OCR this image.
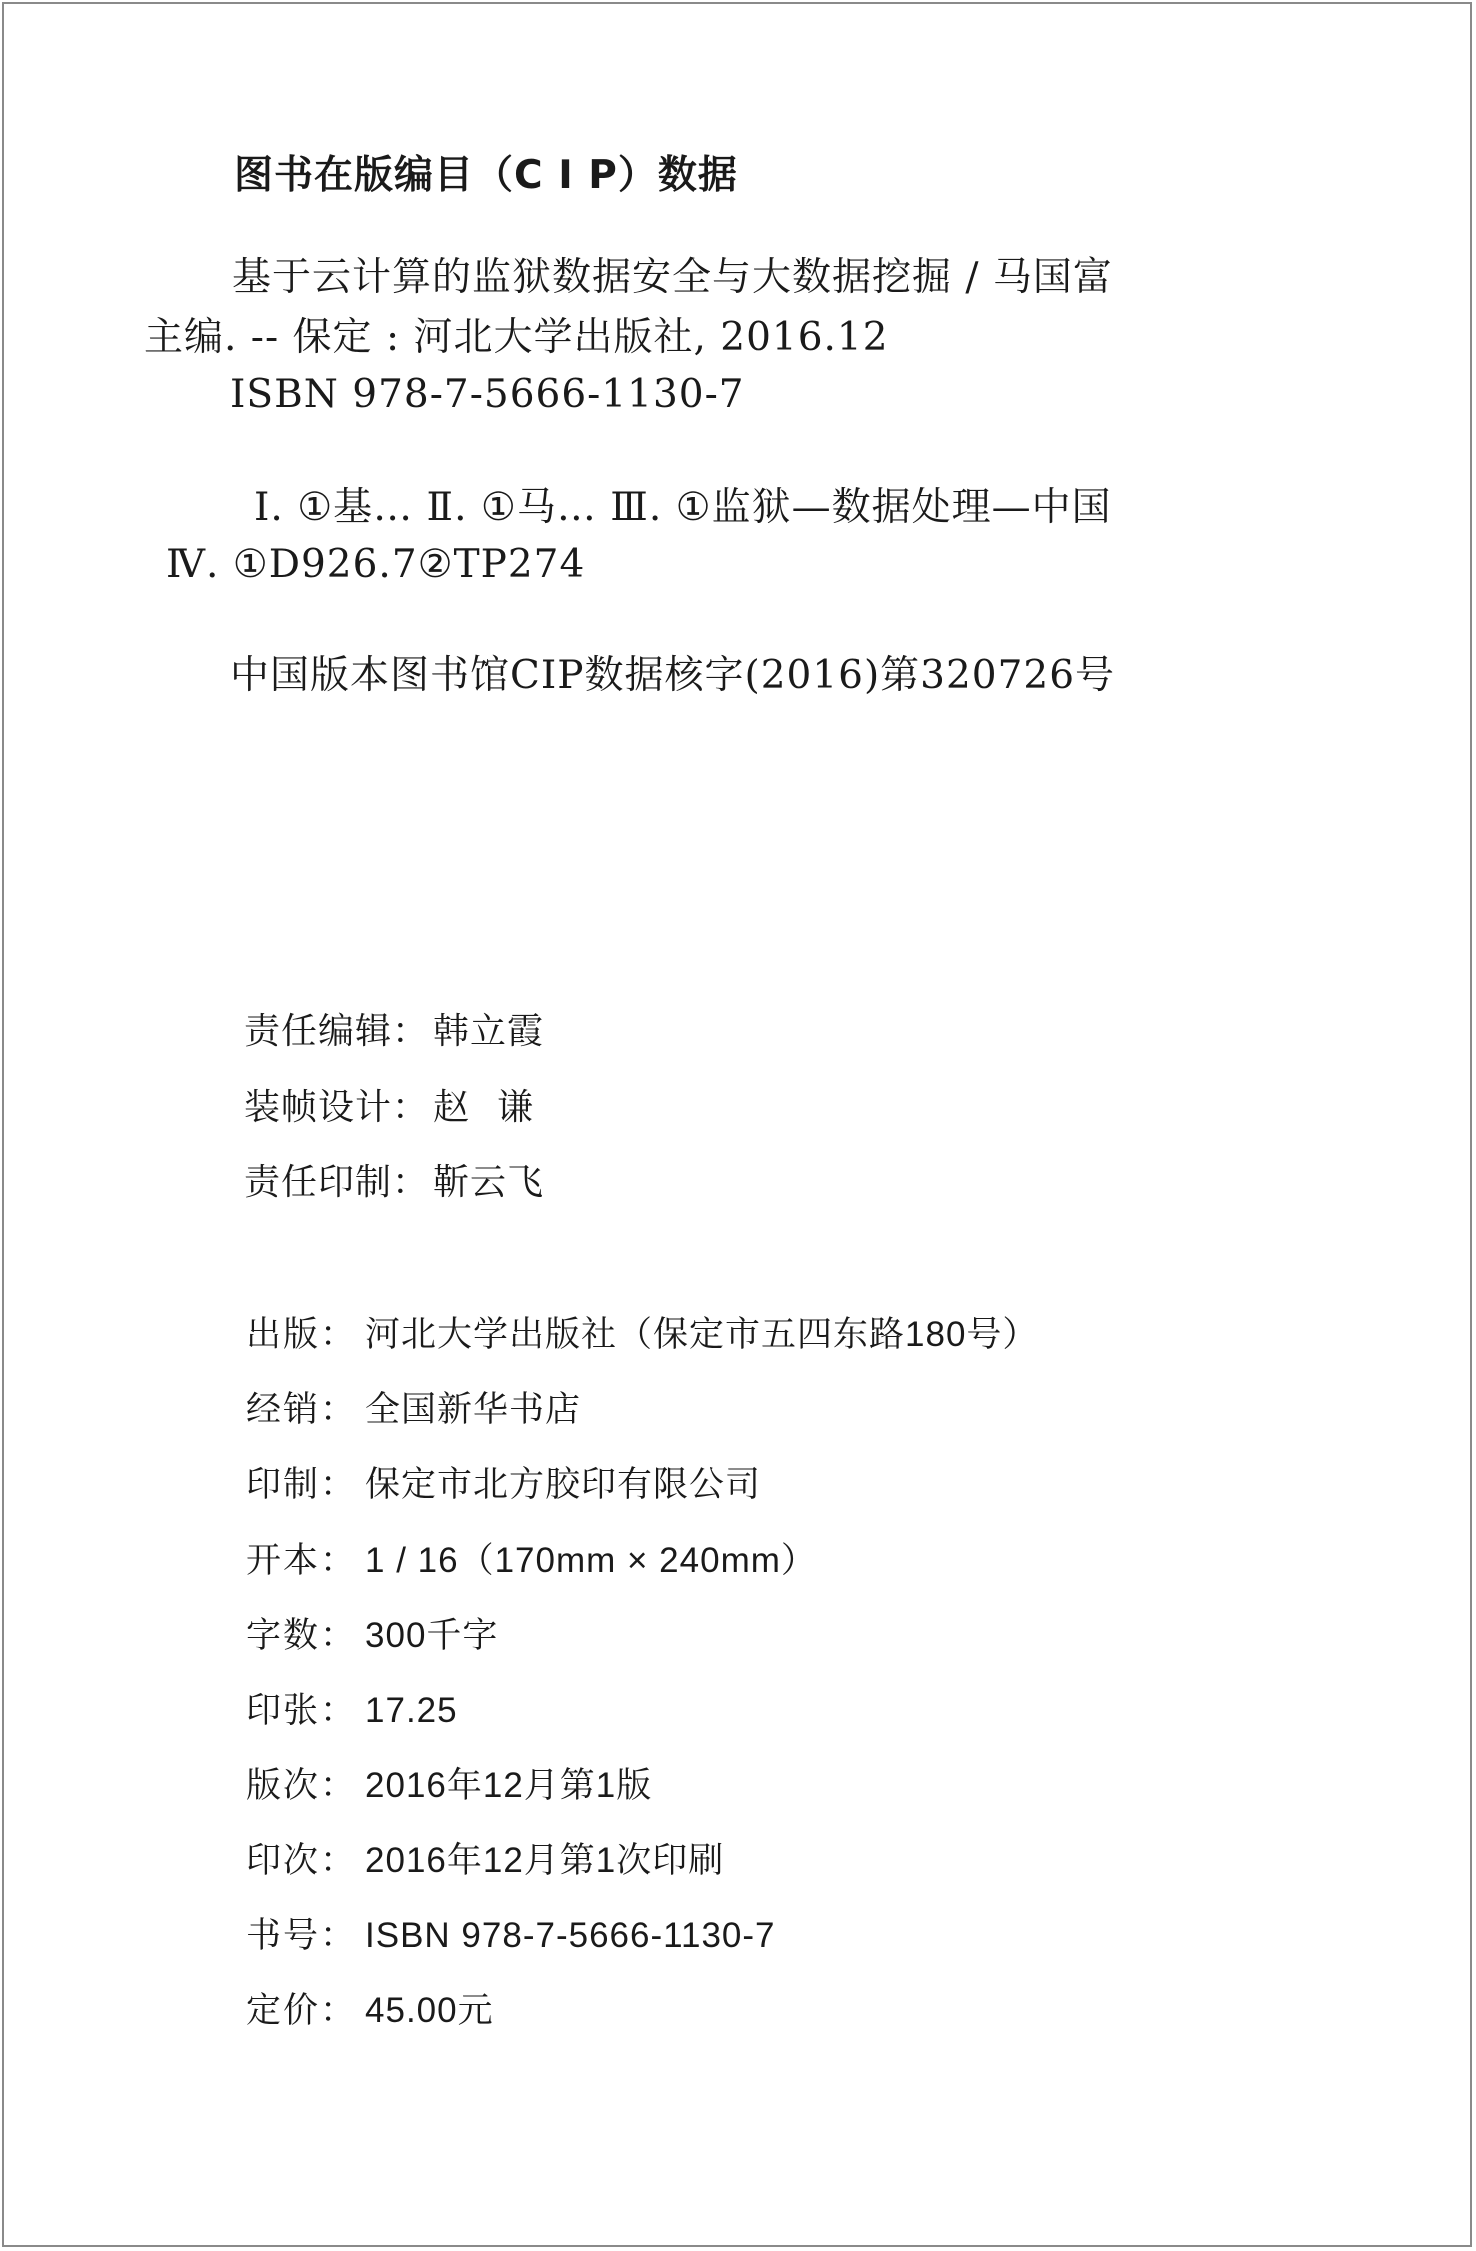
图书在版编目（C I P）数据
基于云计算的监狱数据安全与大数据挖掘 / 马国富
主编. -- 保定 : 河北大学出版社, 2016.12
ISBN 978-7-5666-1130-7
Ⅰ. ①基… Ⅱ. ①马… Ⅲ. ①监狱—数据处理—中国
Ⅳ. ①D926.7②TP274
中国版本图书馆CIP数据核字(2016)第320726号
责任编辑： 韩立霞
装帧设计： 赵谦
责任印制： 靳云飞
出版： 河北大学出版社（保定市五四东路180号）
经销： 全国新华书店
印制： 保定市北方胶印有限公司
开本： 1 / 16（170mm × 240mm）
字数： 300千字
印张： 17.25
版次： 2016年12月第1版
印次： 2016年12月第1次印刷
书号： ISBN 978-7-5666-1130-7
定价： 45.00元
